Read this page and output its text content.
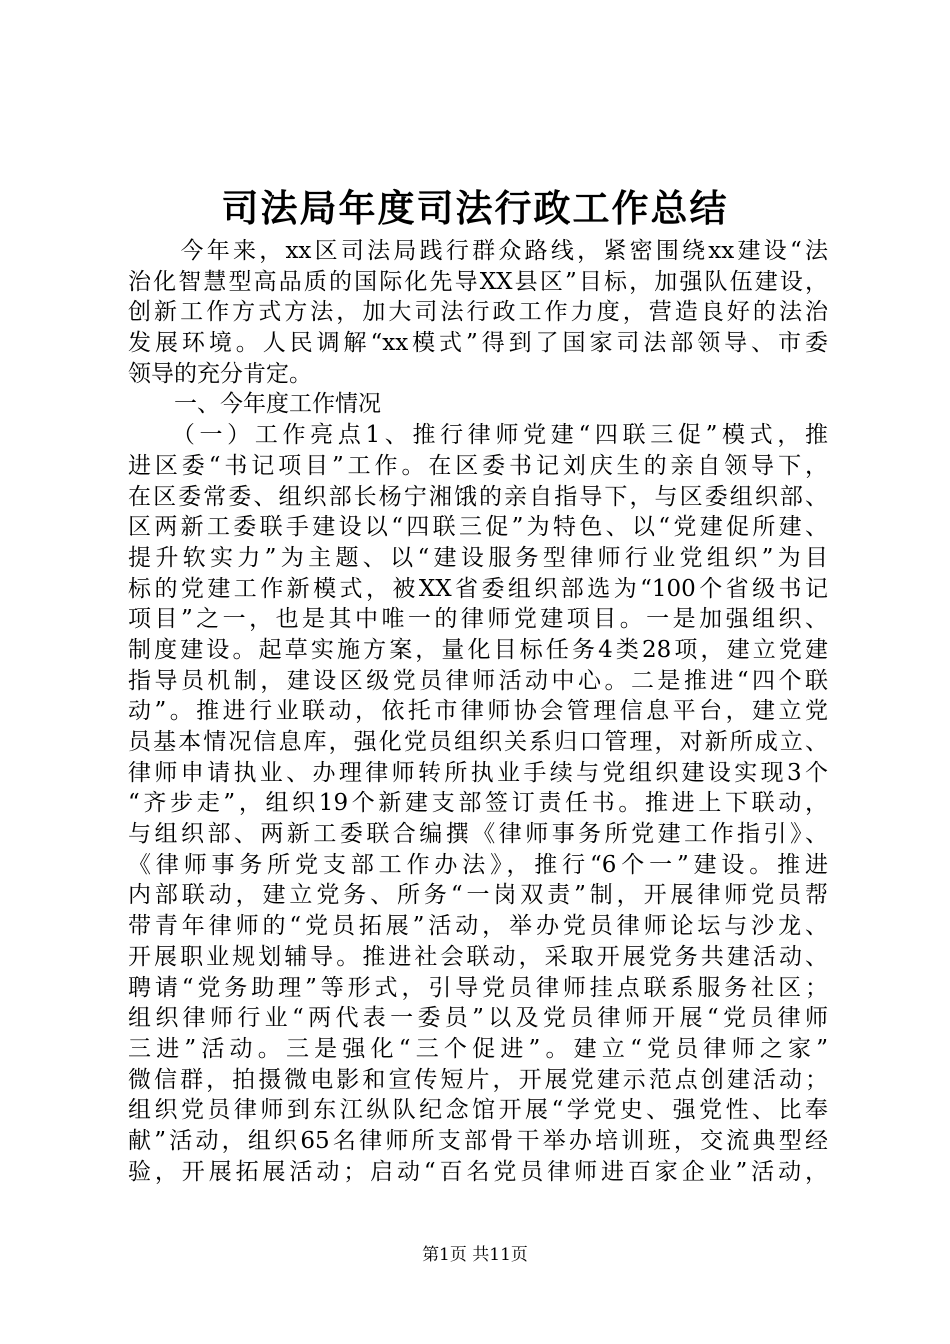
司法局年度司法行政工作总结
　　今年来，xx区司法局践行群众路线，紧密围绕xx建设“法
治化智慧型高品质的国际化先导XX县区”目标，加强队伍建设，
创新工作方式方法，加大司法行政工作力度，营造良好的法治
发展环境。人民调解“xx模式”得到了国家司法部领导、市委
领导的充分肯定。
　　一、今年度工作情况
　　（一）工作亮点1、推行律师党建“四联三促”模式，推
进区委“书记项目”工作。在区委书记刘庆生的亲自领导下，
在区委常委、组织部长杨宁湘饿的亲自指导下，与区委组织部、
区两新工委联手建设以“四联三促”为特色、以“党建促所建、
提升软实力”为主题、以“建设服务型律师行业党组织”为目
标的党建工作新模式，被XX省委组织部选为“100个省级书记
项目”之一，也是其中唯一的律师党建项目。一是加强组织、
制度建设。起草实施方案，量化目标任务4类28项，建立党建
指导员机制，建设区级党员律师活动中心。二是推进“四个联
动”。推进行业联动，依托市律师协会管理信息平台，建立党
员基本情况信息库，强化党员组织关系归口管理，对新所成立、
律师申请执业、办理律师转所执业手续与党组织建设实现3个
“齐步走”，组织19个新建支部签订责任书。推进上下联动，
与组织部、两新工委联合编撰《律师事务所党建工作指引》、
《律师事务所党支部工作办法》，推行“6个一”建设。推进
内部联动，建立党务、所务“一岗双责”制，开展律师党员帮
带青年律师的“党员拓展”活动，举办党员律师论坛与沙龙、
开展职业规划辅导。推进社会联动，采取开展党务共建活动、
聘请“党务助理”等形式，引导党员律师挂点联系服务社区；
组织律师行业“两代表一委员”以及党员律师开展“党员律师
三进”活动。三是强化“三个促进”。建立“党员律师之家”
微信群，拍摄微电影和宣传短片，开展党建示范点创建活动；
组织党员律师到东江纵队纪念馆开展“学党史、强党性、比奉
献”活动，组织65名律师所支部骨干举办培训班，交流典型经
验，开展拓展活动；启动“百名党员律师进百家企业”活动，
第1页 共11页
